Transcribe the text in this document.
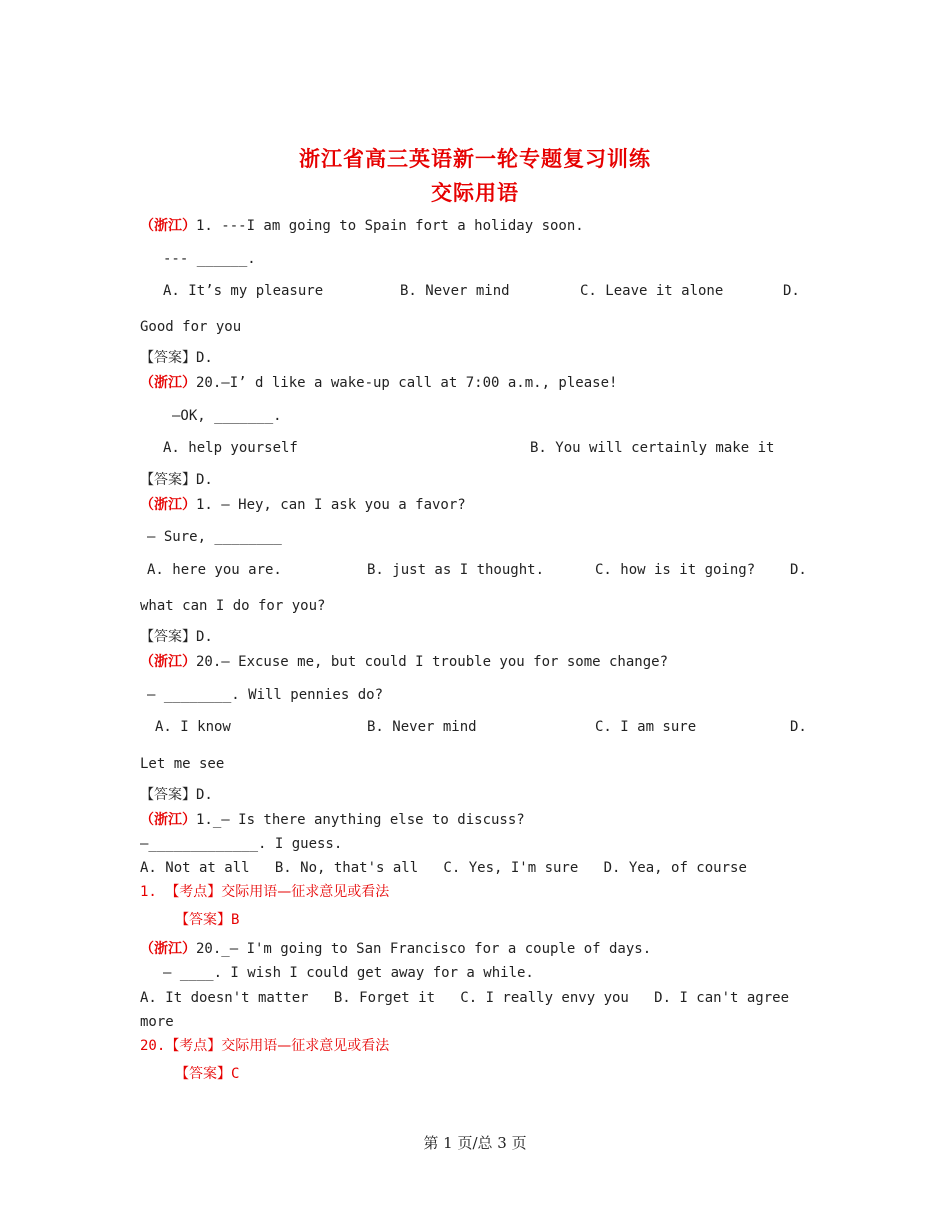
浙江省高三英语新一轮专题复习训练
交际用语
（浙江）1. ---I am going to Spain fort a holiday soon.
--- ______.
A. It’s my pleasure	B. Never mind	C. Leave it alone	D.
Good for you
【答案】D.
（浙江）20.—I’ d like a wake-up call at 7:00 a.m., please!
—OK, _______.
A. help yourself	B. You will certainly make it
【答案】D.
（浙江）1. — Hey, can I ask you a favor?
— Sure, ________
A. here you are.	B. just as I thought.	C. how is it going? D.
what can I do for you?
【答案】D.
（浙江）20.— Excuse me, but could I trouble you for some change?
— ________. Will pennies do?
A. I know	B. Never mind	C. I am sure	D.
Let me see
【答案】D.
（浙江）1._— Is there anything else to discuss?
—_____________. I guess.
A. Not at all   B. No, that's all   C. Yes, I'm sure   D. Yea, of course
1. 【考点】交际用语—征求意见或看法
【答案】B
（浙江）20._— I'm going to San Francisco for a couple of days.
— ____. I wish I could get away for a while.
A. It doesn't matter   B. Forget it   C. I really envy you   D. I can't agree
more
20.【考点】交际用语—征求意见或看法
【答案】C
第 1 页/总 3 页
